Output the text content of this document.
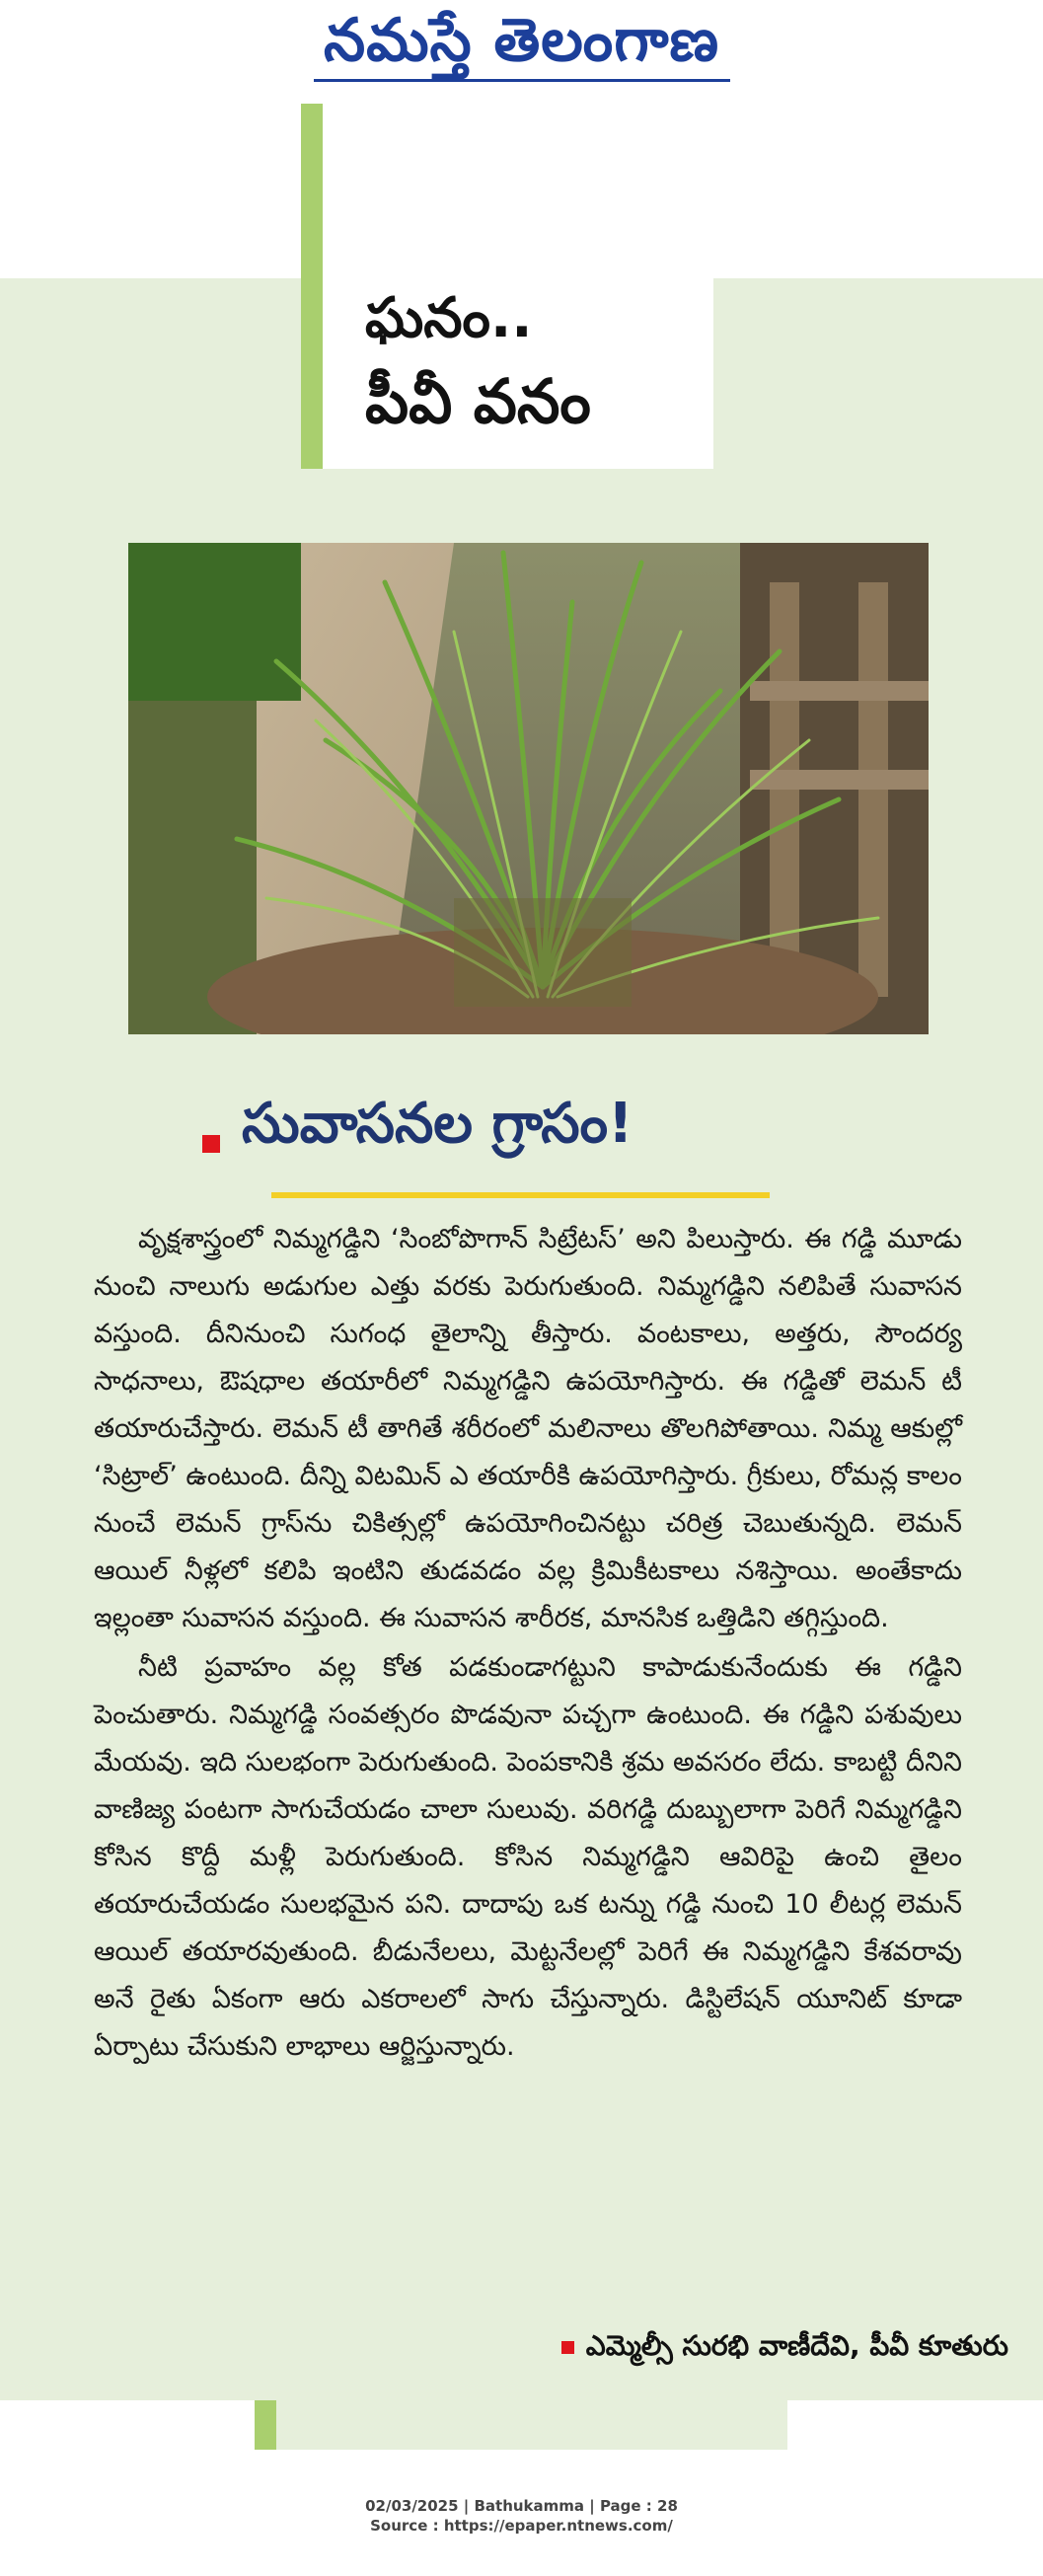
నమస్తే తెలంగాణ
ఘనం..
పీవీ వనం
సువాసనల గ్రాసం!

వృక్షశాస్త్రంలో నిమ్మగడ్డిని ‘సింబోపొగాన్ సిట్రేటస్’ అని పిలుస్తారు. ఈ గడ్డి మూడు నుంచి నాలుగు అడుగుల ఎత్తు వరకు పెరుగుతుంది. నిమ్మగడ్డిని నలిపితే సువాసన వస్తుంది. దీనినుంచి సుగంధ తైలాన్ని తీస్తారు. వంటకాలు, అత్తరు, సౌందర్య సాధనాలు, ఔషధాల తయారీలో నిమ్మగడ్డిని ఉపయోగిస్తారు. ఈ గడ్డితో లెమన్ టీ తయారుచేస్తారు. లెమన్ టీ తాగితే శరీరంలో మలినాలు తొలగిపోతాయి. నిమ్మ ఆకుల్లో ‘సిట్రాల్’ ఉంటుంది. దీన్ని విటమిన్ ఎ తయారీకి ఉపయోగిస్తారు. గ్రీకులు, రోమన్ల కాలం నుంచే లెమన్ గ్రాస్‌ను చికిత్సల్లో ఉపయోగించినట్టు చరిత్ర చెబుతున్నది. లెమన్ ఆయిల్ నీళ్లలో కలిపి ఇంటిని తుడవడం వల్ల క్రిమికీటకాలు నశిస్తాయి. అంతేకాదు ఇల్లంతా సువాసన వస్తుంది. ఈ సువాసన శారీరక, మానసిక ఒత్తిడిని తగ్గిస్తుంది.

నీటి ప్రవాహం వల్ల కోత పడకుండాగట్టుని కాపాడుకునేందుకు ఈ గడ్డిని పెంచుతారు. నిమ్మగడ్డి సంవత్సరం పొడవునా పచ్చగా ఉంటుంది. ఈ గడ్డిని పశువులు మేయవు. ఇది సులభంగా పెరుగుతుంది. పెంపకానికి శ్రమ అవసరం లేదు. కాబట్టి దీనిని వాణిజ్య పంటగా సాగుచేయడం చాలా సులువు. వరిగడ్డి దుబ్బులాగా పెరిగే నిమ్మగడ్డిని కోసిన కొద్దీ మళ్లీ పెరుగుతుంది. కోసిన నిమ్మగడ్డిని ఆవిరిపై ఉంచి తైలం తయారుచేయడం సులభమైన పని. దాదాపు ఒక టన్ను గడ్డి నుంచి 10 లీటర్ల లెమన్ ఆయిల్ తయారవుతుంది. బీడునేలలు, మెట్టనేలల్లో పెరిగే ఈ నిమ్మగడ్డిని కేశవరావు అనే రైతు ఏకంగా ఆరు ఎకరాలలో సాగు చేస్తున్నారు. డిస్టిలేషన్ యూనిట్ కూడా ఏర్పాటు చేసుకుని లాభాలు ఆర్జిస్తున్నారు.

ఎమ్మెల్సీ సురభి వాణీదేవి, పీవీ కూతురు
02/03/2025 | Bathukamma | Page : 28
Source : https://epaper.ntnews.com/
